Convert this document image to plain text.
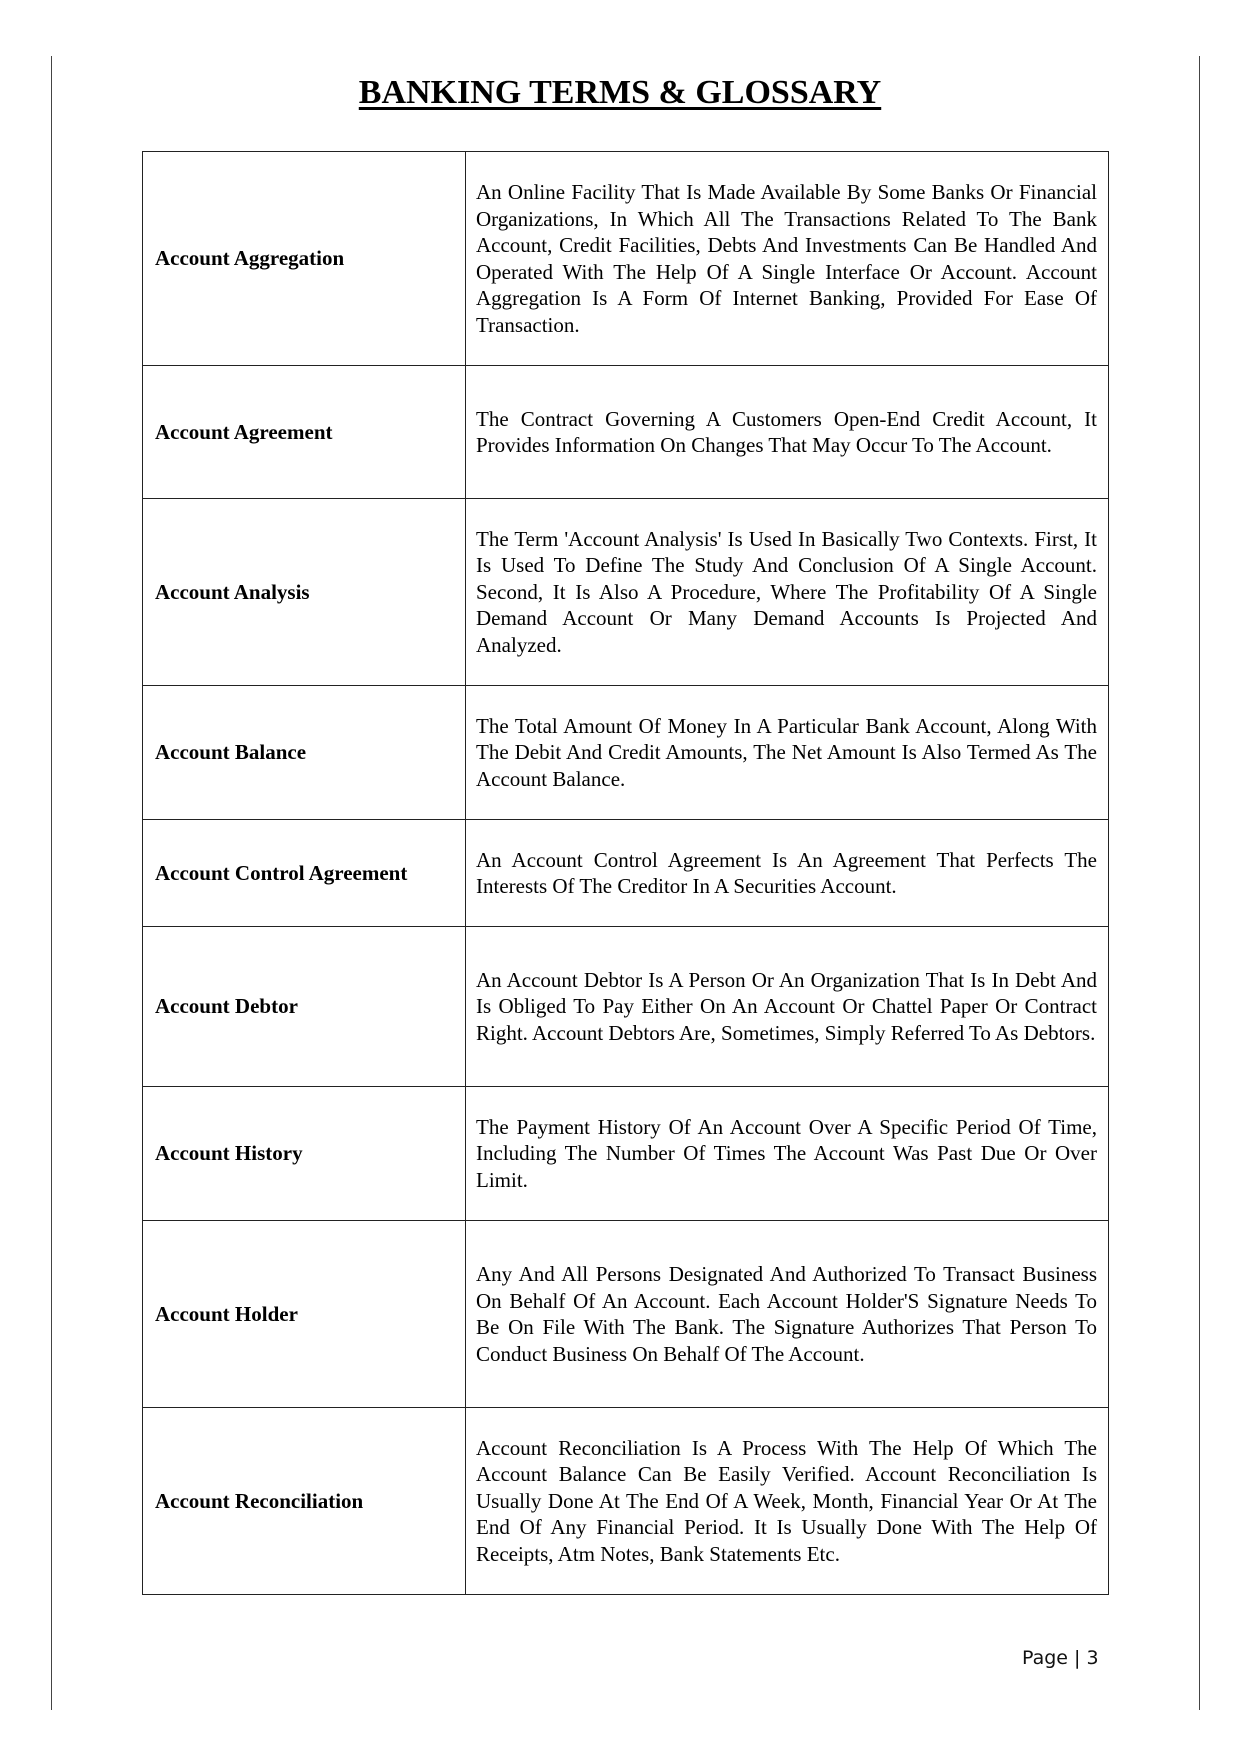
BANKING TERMS & GLOSSARY
Account Aggregation	An Online Facility That Is Made Available By Some Banks Or Financial Organizations, In Which All The Transactions Related To The Bank Account, Credit Facilities, Debts And Investments Can Be Handled And Operated With The Help Of A Single Interface Or Account. Account Aggregation Is A Form Of Internet Banking, Provided For Ease Of Transaction.
Account Agreement	The Contract Governing A Customers Open-End Credit Account, It Provides Information On Changes That May Occur To The Account.
Account Analysis	The Term 'Account Analysis' Is Used In Basically Two Contexts. First, It Is Used To Define The Study And Conclusion Of A Single Account. Second, It Is Also A Procedure, Where The Profitability Of A Single Demand Account Or Many Demand Accounts Is Projected And Analyzed.
Account Balance	The Total Amount Of Money In A Particular Bank Account, Along With The Debit And Credit Amounts, The Net Amount Is Also Termed As The Account Balance.
Account Control Agreement	An Account Control Agreement Is An Agreement That Perfects The Interests Of The Creditor In A Securities Account.
Account Debtor	An Account Debtor Is A Person Or An Organization That Is In Debt And Is Obliged To Pay Either On An Account Or Chattel Paper Or Contract Right. Account Debtors Are, Sometimes, Simply Referred To As Debtors.
Account History	The Payment History Of An Account Over A Specific Period Of Time, Including The Number Of Times The Account Was Past Due Or Over Limit.
Account Holder	Any And All Persons Designated And Authorized To Transact Business On Behalf Of An Account. Each Account Holder'S Signature Needs To Be On File With The Bank. The Signature Authorizes That Person To Conduct Business On Behalf Of The Account.
Account Reconciliation	Account Reconciliation Is A Process With The Help Of Which The Account Balance Can Be Easily Verified. Account Reconciliation Is Usually Done At The End Of A Week, Month, Financial Year Or At The End Of Any Financial Period. It Is Usually Done With The Help Of Receipts, Atm Notes, Bank Statements Etc.
Page | 3
